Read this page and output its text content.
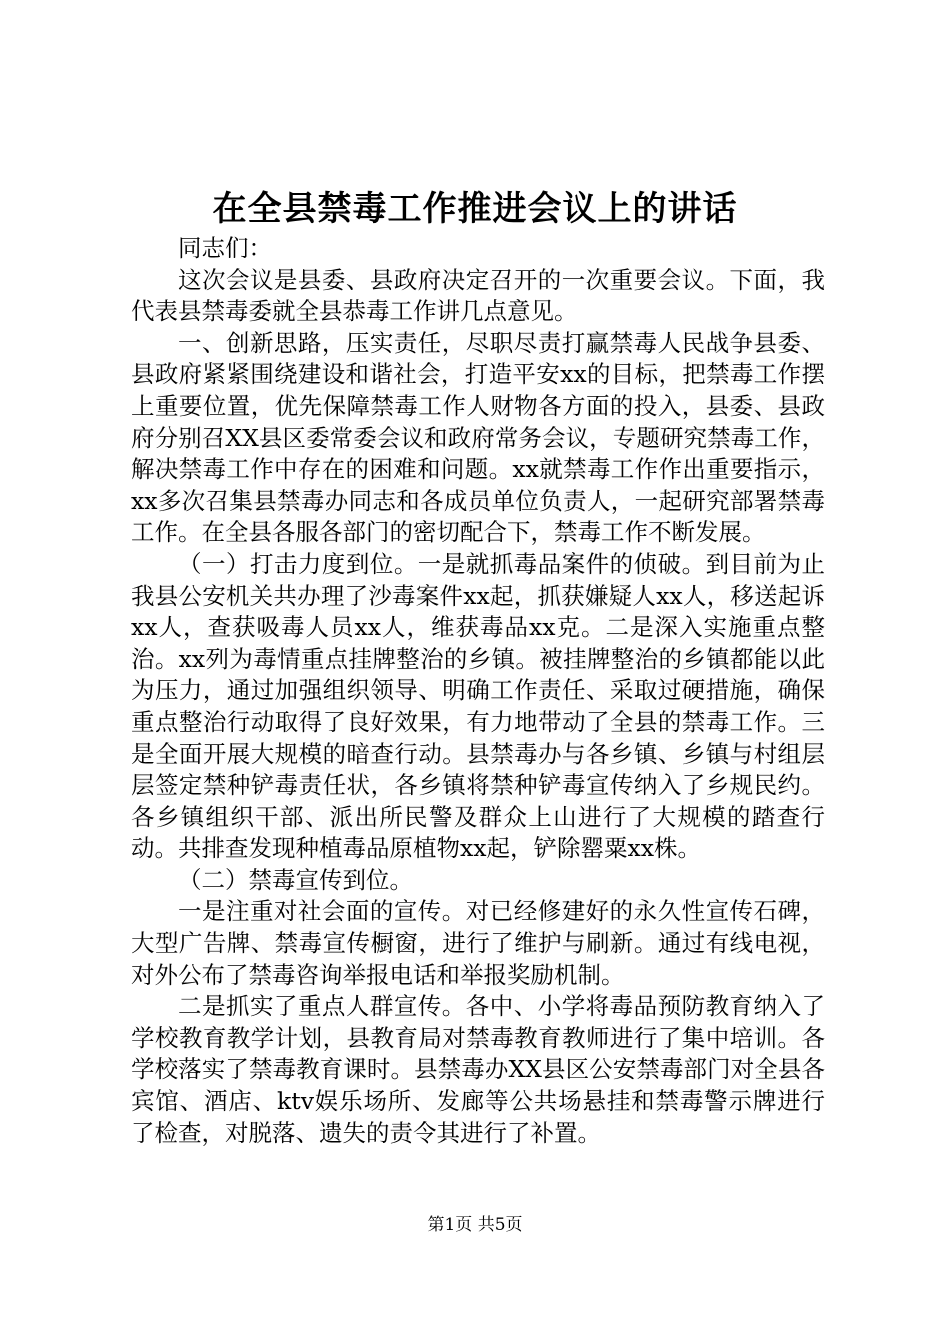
在全县禁毒工作推进会议上的讲话

同志们：

这次会议是县委、县政府决定召开的一次重要会议。下面，我代表县禁毒委就全县恭毒工作讲几点意见。

一、创新思路，压实责任，尽职尽责打赢禁毒人民战争县委、县政府紧紧围绕建设和谐社会，打造平安xx的目标，把禁毒工作摆上重要位置，优先保障禁毒工作人财物各方面的投入，县委、县政府分别召XX县区委常委会议和政府常务会议，专题研究禁毒工作，解决禁毒工作中存在的困难和问题。xx就禁毒工作作出重要指示，xx多次召集县禁毒办同志和各成员单位负责人，一起研究部署禁毒工作。在全县各服各部门的密切配合下，禁毒工作不断发展。

（一）打击力度到位。一是就抓毒品案件的侦破。到目前为止我县公安机关共办理了沙毒案件xx起，抓获嫌疑人xx人，移送起诉xx人，查获吸毒人员xx人，维获毒品xx克。二是深入实施重点整治。xx列为毒情重点挂牌整治的乡镇。被挂牌整治的乡镇都能以此为压力，通过加强组织领导、明确工作责任、采取过硬措施，确保重点整治行动取得了良好效果，有力地带动了全县的禁毒工作。三是全面开展大规模的暗查行动。县禁毒办与各乡镇、乡镇与村组层层签定禁种铲毒责任状，各乡镇将禁种铲毒宣传纳入了乡规民约。各乡镇组织干部、派出所民警及群众上山进行了大规模的踏查行动。共排查发现种植毒品原植物xx起，铲除罂粟xx株。

（二）禁毒宣传到位。

一是注重对社会面的宣传。对已经修建好的永久性宣传石碑，大型广告牌、禁毒宣传橱窗，进行了维护与刷新。通过有线电视，对外公布了禁毒咨询举报电话和举报奖励机制。

二是抓实了重点人群宣传。各中、小学将毒品预防教育纳入了学校教育教学计划，县教育局对禁毒教育教师进行了集中培训。各学校落实了禁毒教育课时。县禁毒办XX县区公安禁毒部门对全县各宾馆、酒店、ktv娱乐场所、发廊等公共场悬挂和禁毒警示牌进行了检查，对脱落、遗失的责令其进行了补置。

第1页 共5页
